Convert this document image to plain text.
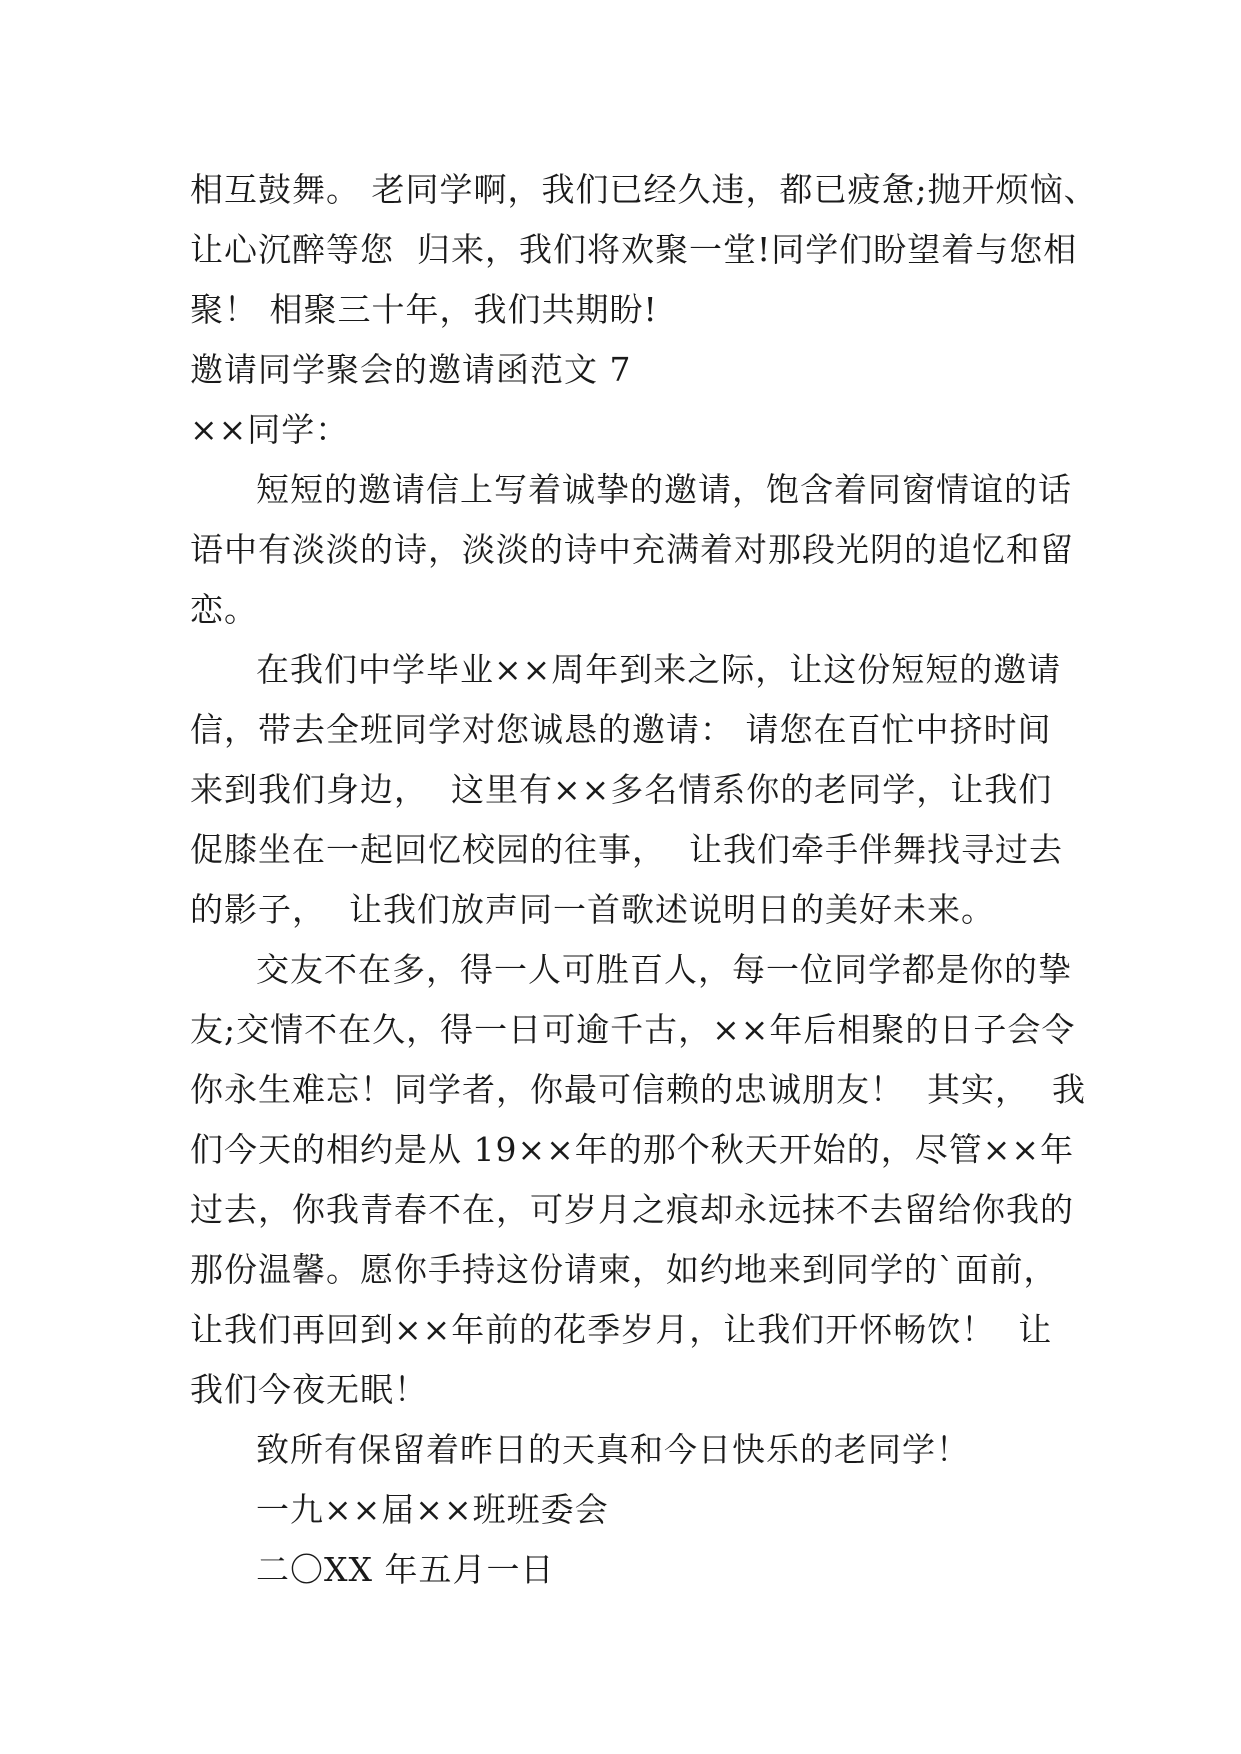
相互鼓舞。 老同学啊，我们已经久违，都已疲惫;抛开烦恼、
让心沉醉等您  归来，我们将欢聚一堂!同学们盼望着与您相
聚！ 相聚三十年，我们共期盼!
邀请同学聚会的邀请函范文 7
××同学：
短短的邀请信上写着诚挚的邀请，饱含着同窗情谊的话
语中有淡淡的诗，淡淡的诗中充满着对那段光阴的追忆和留
恋。
在我们中学毕业××周年到来之际，让这份短短的邀请
信，带去全班同学对您诚恳的邀请： 请您在百忙中挤时间
来到我们身边，  这里有××多名情系你的老同学，让我们
促膝坐在一起回忆校园的往事，  让我们牵手伴舞找寻过去
的影子，  让我们放声同一首歌述说明日的美好未来。
交友不在多，得一人可胜百人，每一位同学都是你的挚
友;交情不在久，得一日可逾千古，××年后相聚的日子会令
你永生难忘！同学者，你最可信赖的忠诚朋友！  其实，  我
们今天的相约是从 19××年的那个秋天开始的，尽管××年
过去，你我青春不在，可岁月之痕却永远抹不去留给你我的
那份温馨。愿你手持这份请柬，如约地来到同学的`面前，
让我们再回到××年前的花季岁月，让我们开怀畅饮！  让
我们今夜无眠！
致所有保留着昨日的天真和今日快乐的老同学！
一九××届××班班委会
二〇XX 年五月一日
